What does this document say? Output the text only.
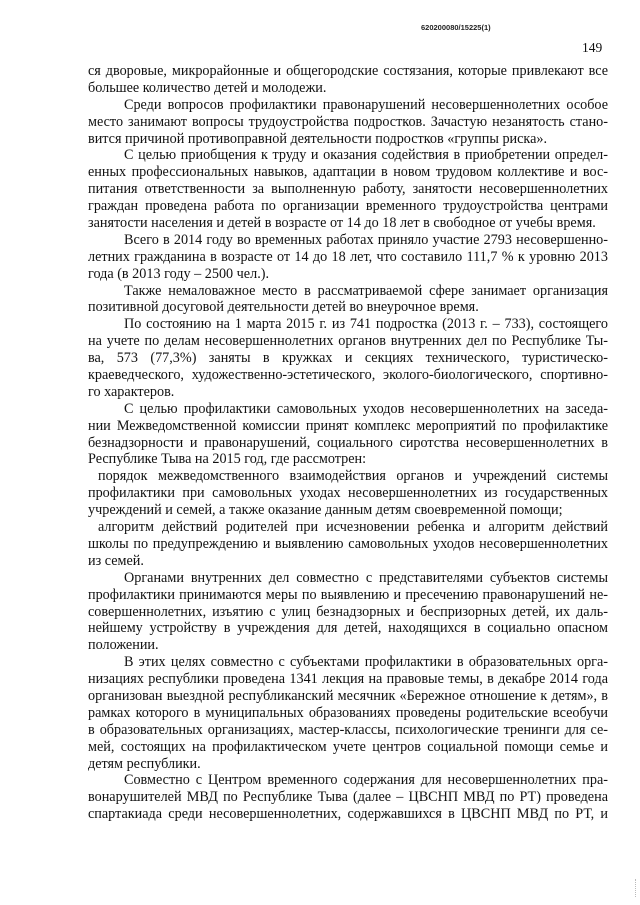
620200080/15225(1)
149
ся дворовые, микрорайонные и общегородские состязания, которые привлекают все
большее количество детей и молодежи.
Среди вопросов профилактики правонарушений несовершеннолетних особое
место занимают вопросы трудоустройства подростков. Зачастую незанятость стано-
вится причиной противоправной деятельности подростков «группы риска».
С целью приобщения к труду и оказания содействия в приобретении определ-
енных профессиональных навыков, адаптации в новом трудовом коллективе и вос-
питания ответственности за выполненную работу, занятости несовершеннолетних
граждан проведена работа по организации временного трудоустройства центрами
занятости населения и детей в возрасте от 14 до 18 лет в свободное от учебы время.
Всего в 2014 году во временных работах приняло участие 2793 несовершенно-
летних гражданина в возрасте от 14 до 18 лет, что составило 111,7 % к уровню 2013
года (в 2013 году – 2500 чел.).
Также немаловажное место в рассматриваемой сфере занимает организация
позитивной досуговой деятельности детей во внеурочное время.
По состоянию на 1 марта 2015 г. из 741 подростка (2013 г. – 733), состоящего
на учете по делам несовершеннолетних органов внутренних дел по Республике Ты-
ва, 573 (77,3%) заняты в кружках и секциях технического, туристическо-
краеведческого, художественно-эстетического, эколого-биологического, спортивно-
го характеров.
С целью профилактики самовольных уходов несовершеннолетних на заседа-
нии Межведомственной комиссии принят комплекс мероприятий по профилактике
безнадзорности и правонарушений, социального сиротства несовершеннолетних в
Республике Тыва на 2015 год, где рассмотрен:
порядок межведомственного взаимодействия органов и учреждений системы
профилактики при самовольных уходах несовершеннолетних из государственных
учреждений и семей, а также оказание данным детям своевременной помощи;
алгоритм действий родителей при исчезновении ребенка и алгоритм действий
школы по предупреждению и выявлению самовольных уходов несовершеннолетних
из семей.
Органами внутренних дел совместно с представителями субъектов системы
профилактики принимаются меры по выявлению и пресечению правонарушений не-
совершеннолетних, изъятию с улиц безнадзорных и беспризорных детей, их даль-
нейшему устройству в учреждения для детей, находящихся в социально опасном
положении.
В этих целях совместно с субъектами профилактики в образовательных орга-
низациях республики проведена 1341 лекция на правовые темы, в декабре 2014 года
организован выездной республиканский месячник «Бережное отношение к детям», в
рамках которого в муниципальных образованиях проведены родительские всеобучи
в образовательных организациях, мастер-классы, психологические тренинги для се-
мей, состоящих на профилактическом учете центров социальной помощи семье и
детям республики.
Совместно с Центром временного содержания для несовершеннолетних пра-
вонарушителей МВД по Республике Тыва (далее – ЦВСНП МВД по РТ) проведена
спартакиада среди несовершеннолетних, содержавшихся в ЦВСНП МВД по РТ, и
